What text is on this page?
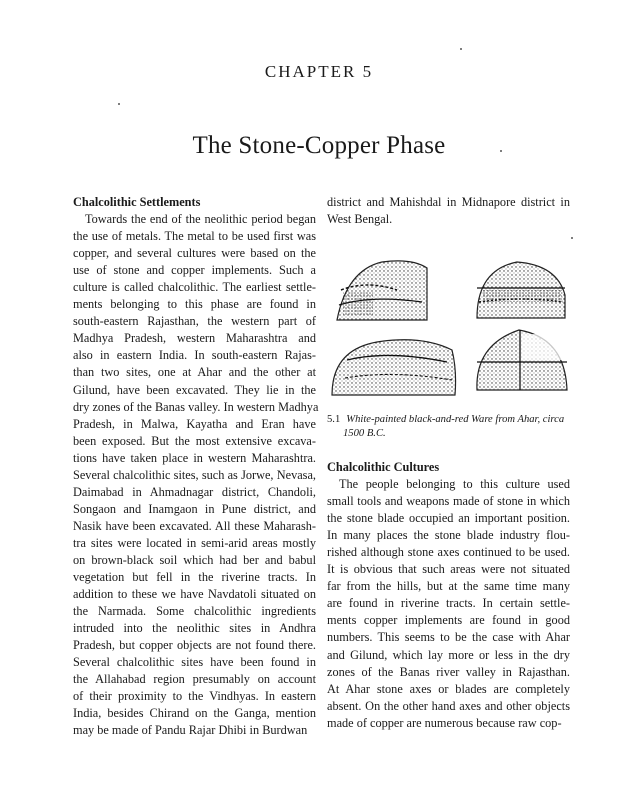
CHAPTER 5
The Stone-Copper Phase
Chalcolithic Settlements
Towards the end of the neolithic period began
the use of metals. The metal to be used first was
copper, and several cultures were based on the
use of stone and copper implements. Such a
culture is called chalcolithic. The earliest settle-
ments belonging to this phase are found in
south-eastern Rajasthan, the western part of
Madhya Pradesh, western Maharashtra and
also in eastern India. In south-eastern Rajas-
than two sites, one at Ahar and the other at
Gilund, have been excavated. They lie in the
dry zones of the Banas valley. In western Madhya
Pradesh, in Malwa, Kayatha and Eran have
been exposed. But the most extensive excava-
tions have taken place in western Maharashtra.
Several chalcolithic sites, such as Jorwe, Nevasa,
Daimabad in Ahmadnagar district, Chandoli,
Songaon and Inamgaon in Pune district, and
Nasik have been excavated. All these Maharash-
tra sites were located in semi-arid areas mostly
on brown-black soil which had ber and babul
vegetation but fell in the riverine tracts. In
addition to these we have Navdatoli situated on
the Narmada. Some chalcolithic ingredients
intruded into the neolithic sites in Andhra
Pradesh, but copper objects are not found there.
Several chalcolithic sites have been found in
the Allahabad region presumably on account
of their proximity to the Vindhyas. In eastern
India, besides Chirand on the Ganga, mention
may be made of Pandu Rajar Dhibi in Burdwan
district and Mahishdal in Midnapore district in
West Bengal.
5.1 White-painted black-and-red Ware from Ahar, circa
1500 B.C.
Chalcolithic Cultures
The people belonging to this culture used
small tools and weapons made of stone in which
the stone blade occupied an important position.
In many places the stone blade industry flou-
rished although stone axes continued to be used.
It is obvious that such areas were not situated
far from the hills, but at the same time many
are found in riverine tracts. In certain settle-
ments copper implements are found in good
numbers. This seems to be the case with Ahar
and Gilund, which lay more or less in the dry
zones of the Banas river valley in Rajasthan.
At Ahar stone axes or blades are completely
absent. On the other hand axes and other objects
made of copper are numerous because raw cop-
